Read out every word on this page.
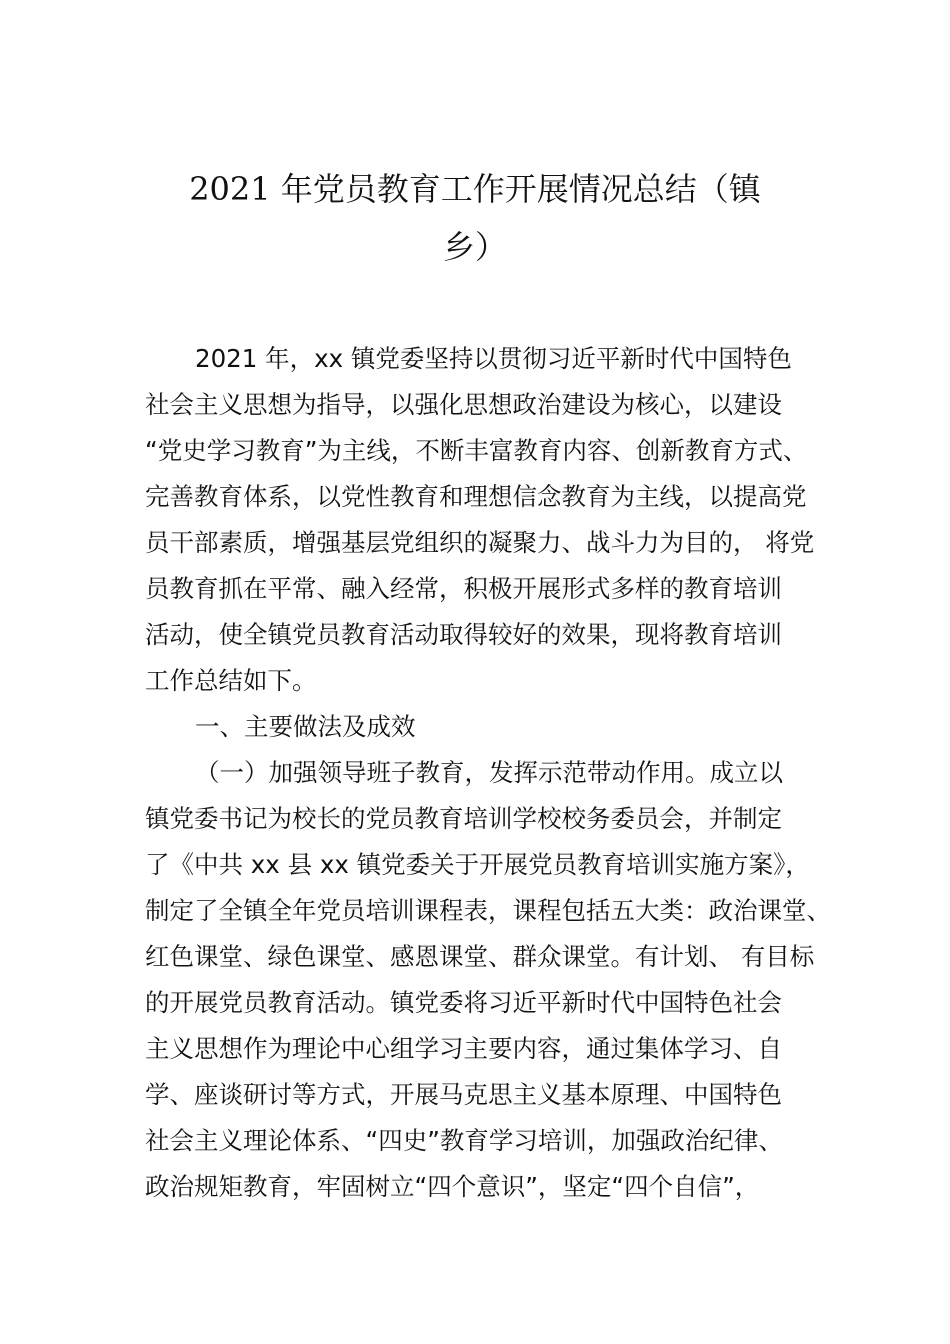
2021 年党员教育工作开展情况总结（镇
乡）
2021 年，xx 镇党委坚持以贯彻习近平新时代中国特色
社会主义思想为指导，以强化思想政治建设为核心，以建设
“党史学习教育”为主线，不断丰富教育内容、创新教育方式、
完善教育体系，以党性教育和理想信念教育为主线，以提高党
员干部素质，增强基层党组织的凝聚力、战斗力为目的， 将党
员教育抓在平常、融入经常，积极开展形式多样的教育培训
活动，使全镇党员教育活动取得较好的效果，现将教育培训
工作总结如下。
一、主要做法及成效
（一）加强领导班子教育，发挥示范带动作用。成立以
镇党委书记为校长的党员教育培训学校校务委员会，并制定
了《中共 xx 县 xx 镇党委关于开展党员教育培训实施方案》，
制定了全镇全年党员培训课程表，课程包括五大类：政治课堂、
红色课堂、绿色课堂、感恩课堂、群众课堂。有计划、 有目标
的开展党员教育活动。镇党委将习近平新时代中国特色社会
主义思想作为理论中心组学习主要内容，通过集体学习、自
学、座谈研讨等方式，开展马克思主义基本原理、中国特色
社会主义理论体系、“四史”教育学习培训，加强政治纪律、
政治规矩教育，牢固树立“四个意识”，坚定“四个自信”，
